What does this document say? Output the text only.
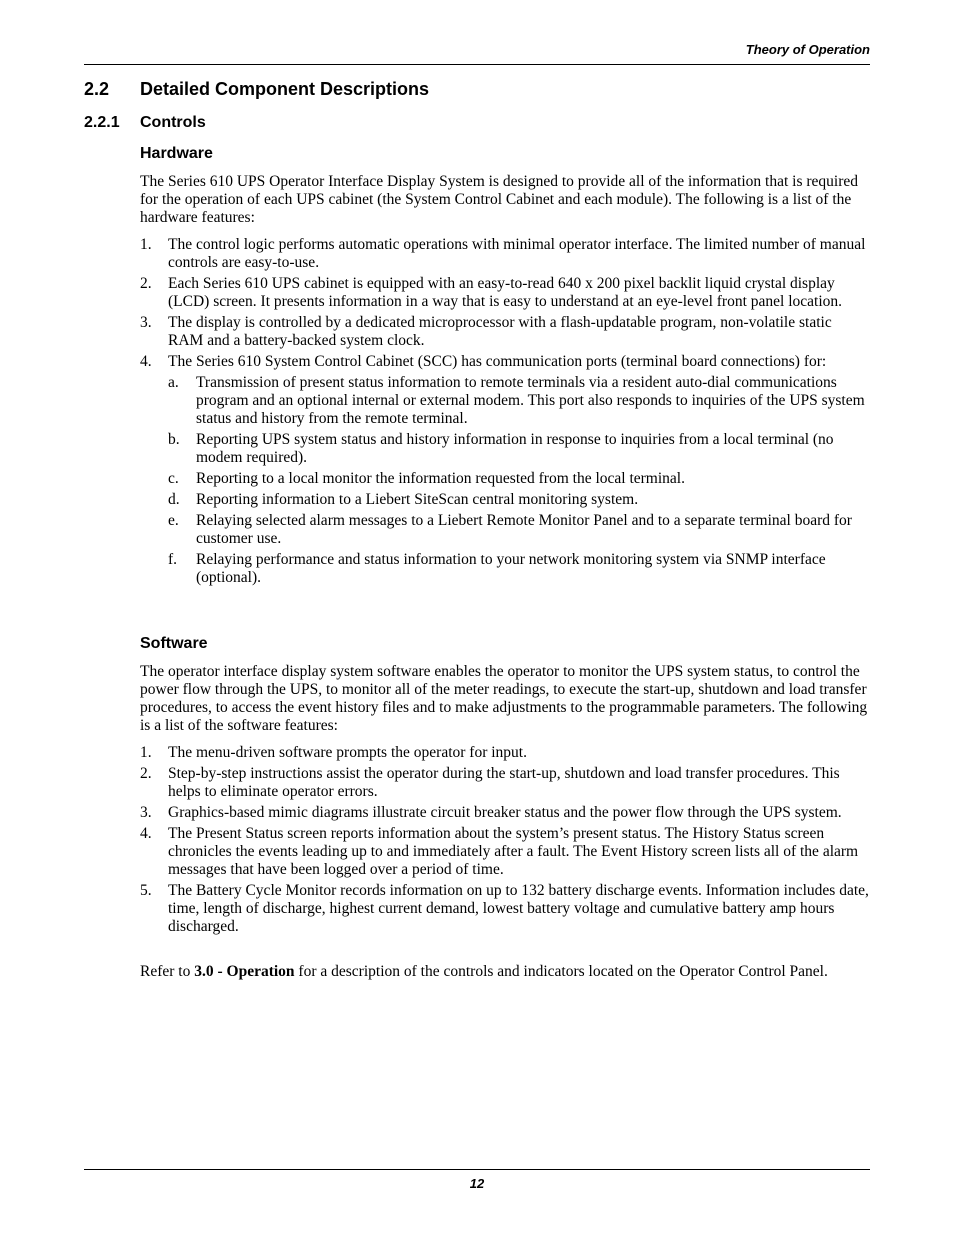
Theory of Operation
2.2 Detailed Component Descriptions
2.2.1 Controls
Hardware
The Series 610 UPS Operator Interface Display System is designed to provide all of the information that is required for the operation of each UPS cabinet (the System Control Cabinet and each module). The following is a list of the hardware features:
1. The control logic performs automatic operations with minimal operator interface. The limited number of manual controls are easy-to-use.
2. Each Series 610 UPS cabinet is equipped with an easy-to-read 640 x 200 pixel backlit liquid crystal display (LCD) screen. It presents information in a way that is easy to understand at an eye-level front panel location.
3. The display is controlled by a dedicated microprocessor with a flash-updatable program, non-volatile static RAM and a battery-backed system clock.
4. The Series 610 System Control Cabinet (SCC) has communication ports (terminal board connections) for:
a. Transmission of present status information to remote terminals via a resident auto-dial communications program and an optional internal or external modem. This port also responds to inquiries of the UPS system status and history from the remote terminal.
b. Reporting UPS system status and history information in response to inquiries from a local terminal (no modem required).
c. Reporting to a local monitor the information requested from the local terminal.
d. Reporting information to a Liebert SiteScan central monitoring system.
e. Relaying selected alarm messages to a Liebert Remote Monitor Panel and to a separate terminal board for customer use.
f. Relaying performance and status information to your network monitoring system via SNMP interface (optional).
Software
The operator interface display system software enables the operator to monitor the UPS system status, to control the power flow through the UPS, to monitor all of the meter readings, to execute the start-up, shutdown and load transfer procedures, to access the event history files and to make adjustments to the programmable parameters. The following is a list of the software features:
1. The menu-driven software prompts the operator for input.
2. Step-by-step instructions assist the operator during the start-up, shutdown and load transfer procedures. This helps to eliminate operator errors.
3. Graphics-based mimic diagrams illustrate circuit breaker status and the power flow through the UPS system.
4. The Present Status screen reports information about the system’s present status. The History Status screen chronicles the events leading up to and immediately after a fault. The Event History screen lists all of the alarm messages that have been logged over a period of time.
5. The Battery Cycle Monitor records information on up to 132 battery discharge events. Information includes date, time, length of discharge, highest current demand, lowest battery voltage and cumulative battery amp hours discharged.
Refer to 3.0 - Operation for a description of the controls and indicators located on the Operator Control Panel.
12
